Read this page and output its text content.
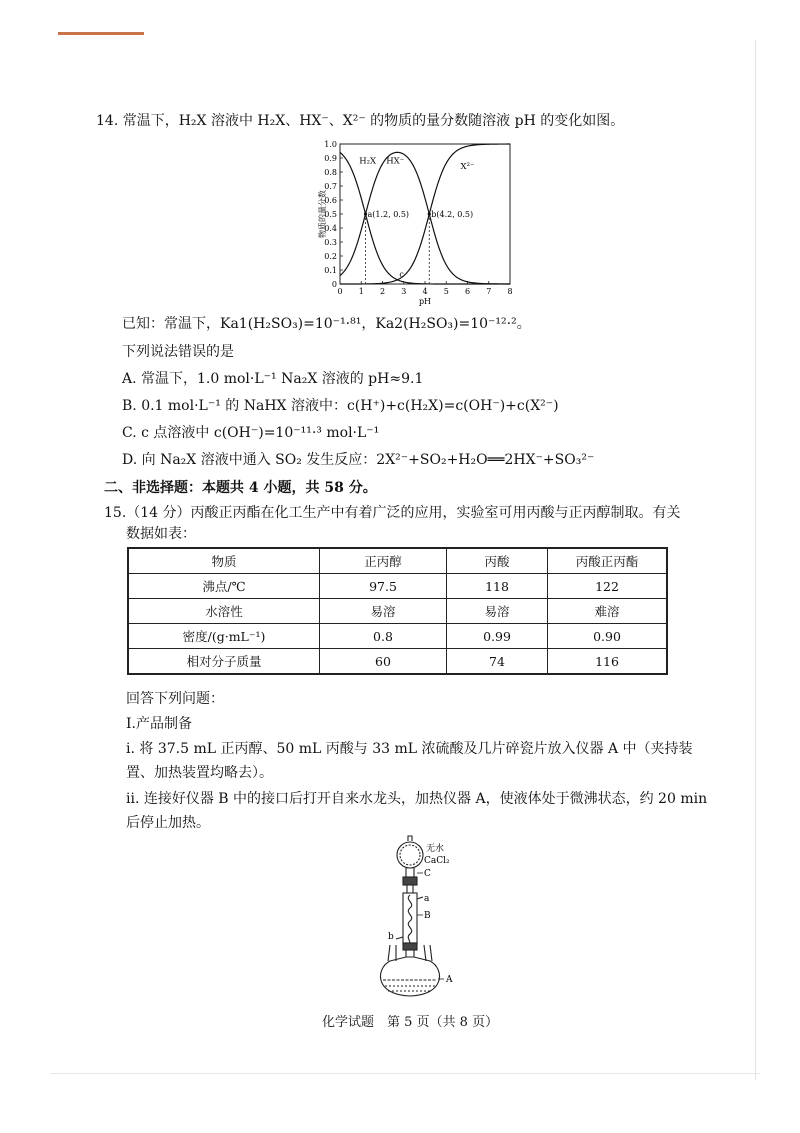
14. 常温下，H₂X 溶液中 H₂X、HX⁻、X²⁻ 的物质的量分数随溶液 pH 的变化如图。
0
0.1
0.2
0.3
0.4
0.5
0.6
0.7
0.8
0.9
1.0
0 1 2 3 4 5 6 7 8
pH
物质的量分数
H₂X HX⁻
X²⁻
a(1.2, 0.5)	b(4.2, 0.5)
c
已知：常温下，Ka1(H₂SO₃)=10⁻¹·⁸¹，Ka2(H₂SO₃)=10⁻¹²·²。
下列说法错误的是
A. 常温下，1.0 mol·L⁻¹ Na₂X 溶液的 pH≈9.1
B. 0.1 mol·L⁻¹ 的 NaHX 溶液中：c(H⁺)+c(H₂X)=c(OH⁻)+c(X²⁻)
C. c 点溶液中 c(OH⁻)=10⁻¹¹·³ mol·L⁻¹
D. 向 Na₂X 溶液中通入 SO₂ 发生反应：2X²⁻+SO₂+H₂O══2HX⁻+SO₃²⁻
二、非选择题：本题共 4 小题，共 58 分。
15.（14 分）丙酸正丙酯在化工生产中有着广泛的应用，实验室可用丙酸与正丙醇制取。有关
数据如表：
物质	正丙醇	丙酸	丙酸正丙酯
沸点/℃	97.5	118	122
水溶性	易溶	易溶	难溶
密度/(g·mL⁻¹)	0.8	0.99	0.90
相对分子质量	60	74	116
回答下列问题：
Ⅰ.产品制备
i. 将 37.5 mL 正丙醇、50 mL 丙酸与 33 mL 浓硫酸及几片碎瓷片放入仪器 A 中（夹持装
置、加热装置均略去）。
ii. 连接好仪器 B 中的接口后打开自来水龙头，加热仪器 A，使液体处于微沸状态，约 20 min
后停止加热。
无水
CaCl₂
C
a
B
b
A
化学试题　第 5 页（共 8 页）
